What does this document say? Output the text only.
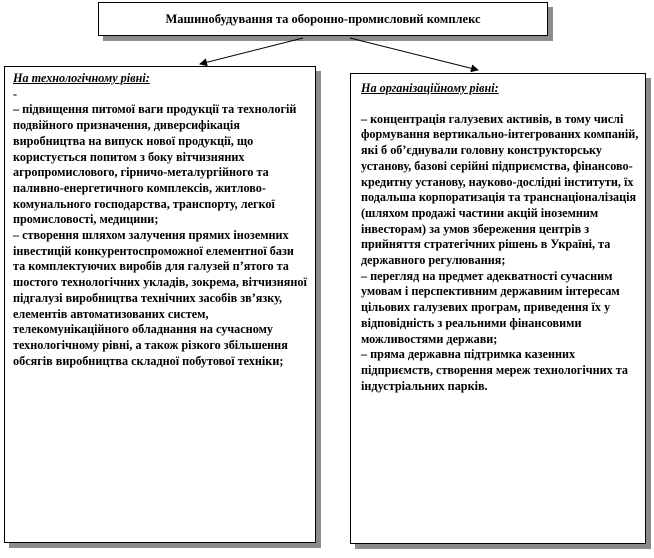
Машинобудування та оборонно-промисловий комплекс
На технологічному рівні:
-
– підвищення питомої ваги продукції та технологій подвійного призначення, диверсифікація виробництва на випуск нової продукції, що користується попитом з боку вітчизняних агропромислового, гірничо-металургійного та паливно-енергетичного комплексів, житлово-комунального господарства, транспорту, легкої промисловості, медицини;
– створення шляхом залучення прямих іноземних інвестицій конкурентоспроможної елементної бази та комплектуючих виробів для галузей п’ятого та шостого технологічних укладів, зокрема, вітчизняної підгалузі виробництва технічних засобів зв’язку, елементів автоматизованих систем, телекомунікаційного обладнання на сучасному технологічному рівні, а також різкого збільшення обсягів виробництва складної побутової техніки;
На організаційному рівні:
– концентрація галузевих активів, в тому числі формування вертикально-інтегрованих компаній, які б об’єднували головну конструкторську установу, базові серійні підприємства, фінансово-кредитну установу, науково-дослідні інститути, їх подальша корпоратизація та транснаціоналізація (шляхом продажі частини акцій іноземним інвесторам) за умов збереження центрів з прийняття стратегічних рішень в Україні, та державного регулювання;
– перегляд на предмет адекватності сучасним умовам і перспективним державним інтересам цільових галузевих програм, приведення їх у відповідність з реальними фінансовими можливостями держави;
– пряма державна підтримка казенних підприємств, створення мереж технологічних та індустріальних парків.
